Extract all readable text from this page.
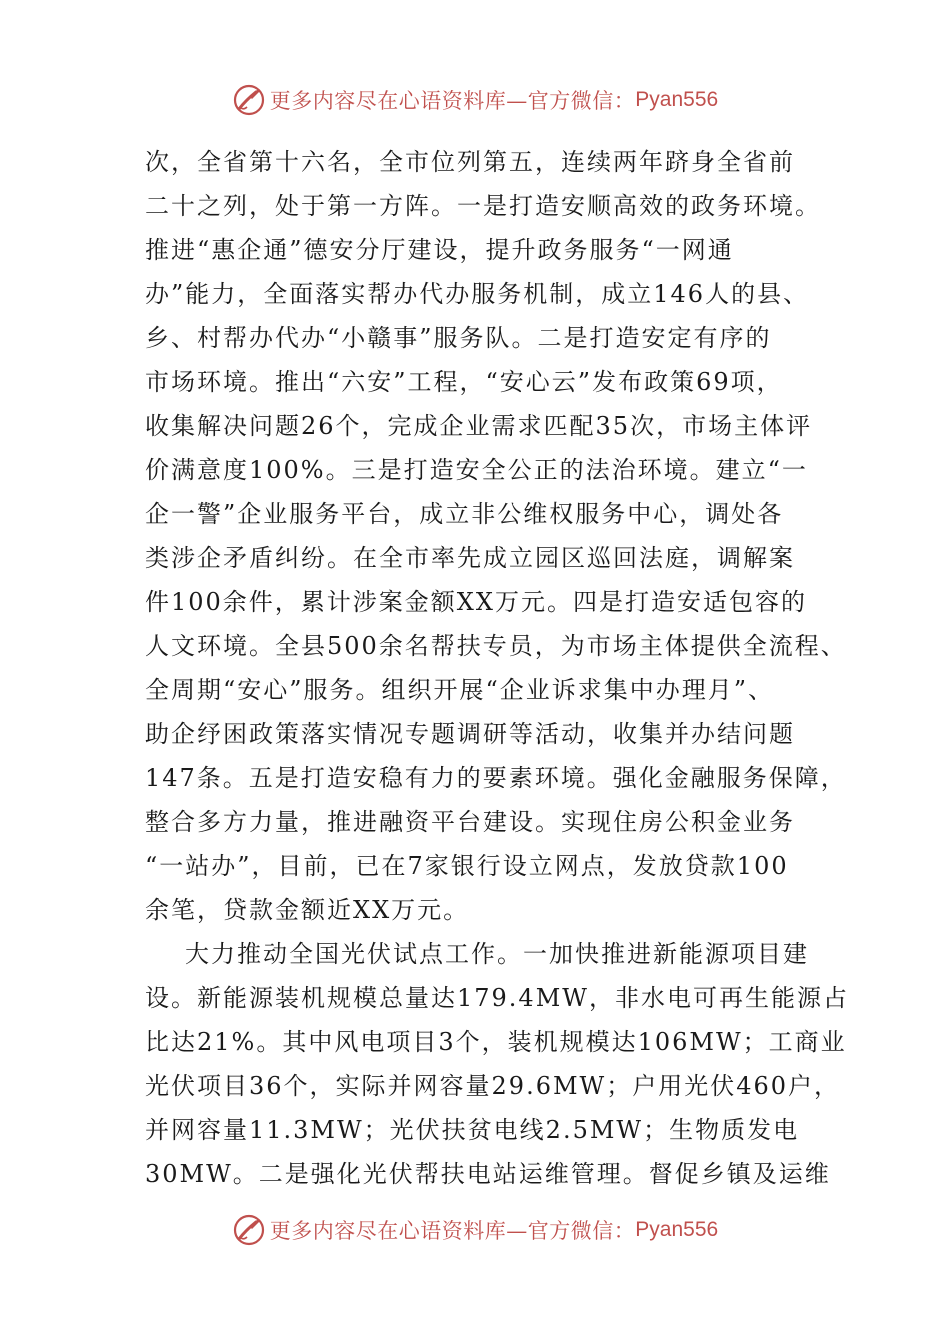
更多内容尽在心语资料库—官方微信： Pyan556
次，全省第十六名，全市位列第五，连续两年跻身全省前
二十之列，处于第一方阵。一是打造安顺高效的政务环境。
推进“惠企通”德安分厅建设，提升政务服务“一网通
办”能力，全面落实帮办代办服务机制，成立146人的县、
乡、村帮办代办“小赣事”服务队。二是打造安定有序的
市场环境。推出“六安”工程，“安心云”发布政策69项，
收集解决问题26个，完成企业需求匹配35次，市场主体评
价满意度100%。三是打造安全公正的法治环境。建立“一
企一警”企业服务平台，成立非公维权服务中心，调处各
类涉企矛盾纠纷。在全市率先成立园区巡回法庭，调解案
件100余件，累计涉案金额XX万元。四是打造安适包容的
人文环境。全县500余名帮扶专员，为市场主体提供全流程、
全周期“安心”服务。组织开展“企业诉求集中办理月”、
助企纾困政策落实情况专题调研等活动，收集并办结问题
147条。五是打造安稳有力的要素环境。强化金融服务保障，
整合多方力量，推进融资平台建设。实现住房公积金业务
“一站办”，目前，已在7家银行设立网点，发放贷款100
余笔，贷款金额近XX万元。
大力推动全国光伏试点工作。一加快推进新能源项目建
设。新能源装机规模总量达179.4MW，非水电可再生能源占
比达21%。其中风电项目3个，装机规模达106MW；工商业
光伏项目36个，实际并网容量29.6MW；户用光伏460户，
并网容量11.3MW；光伏扶贫电线2.5MW；生物质发电
30MW。二是强化光伏帮扶电站运维管理。督促乡镇及运维
更多内容尽在心语资料库—官方微信： Pyan556
